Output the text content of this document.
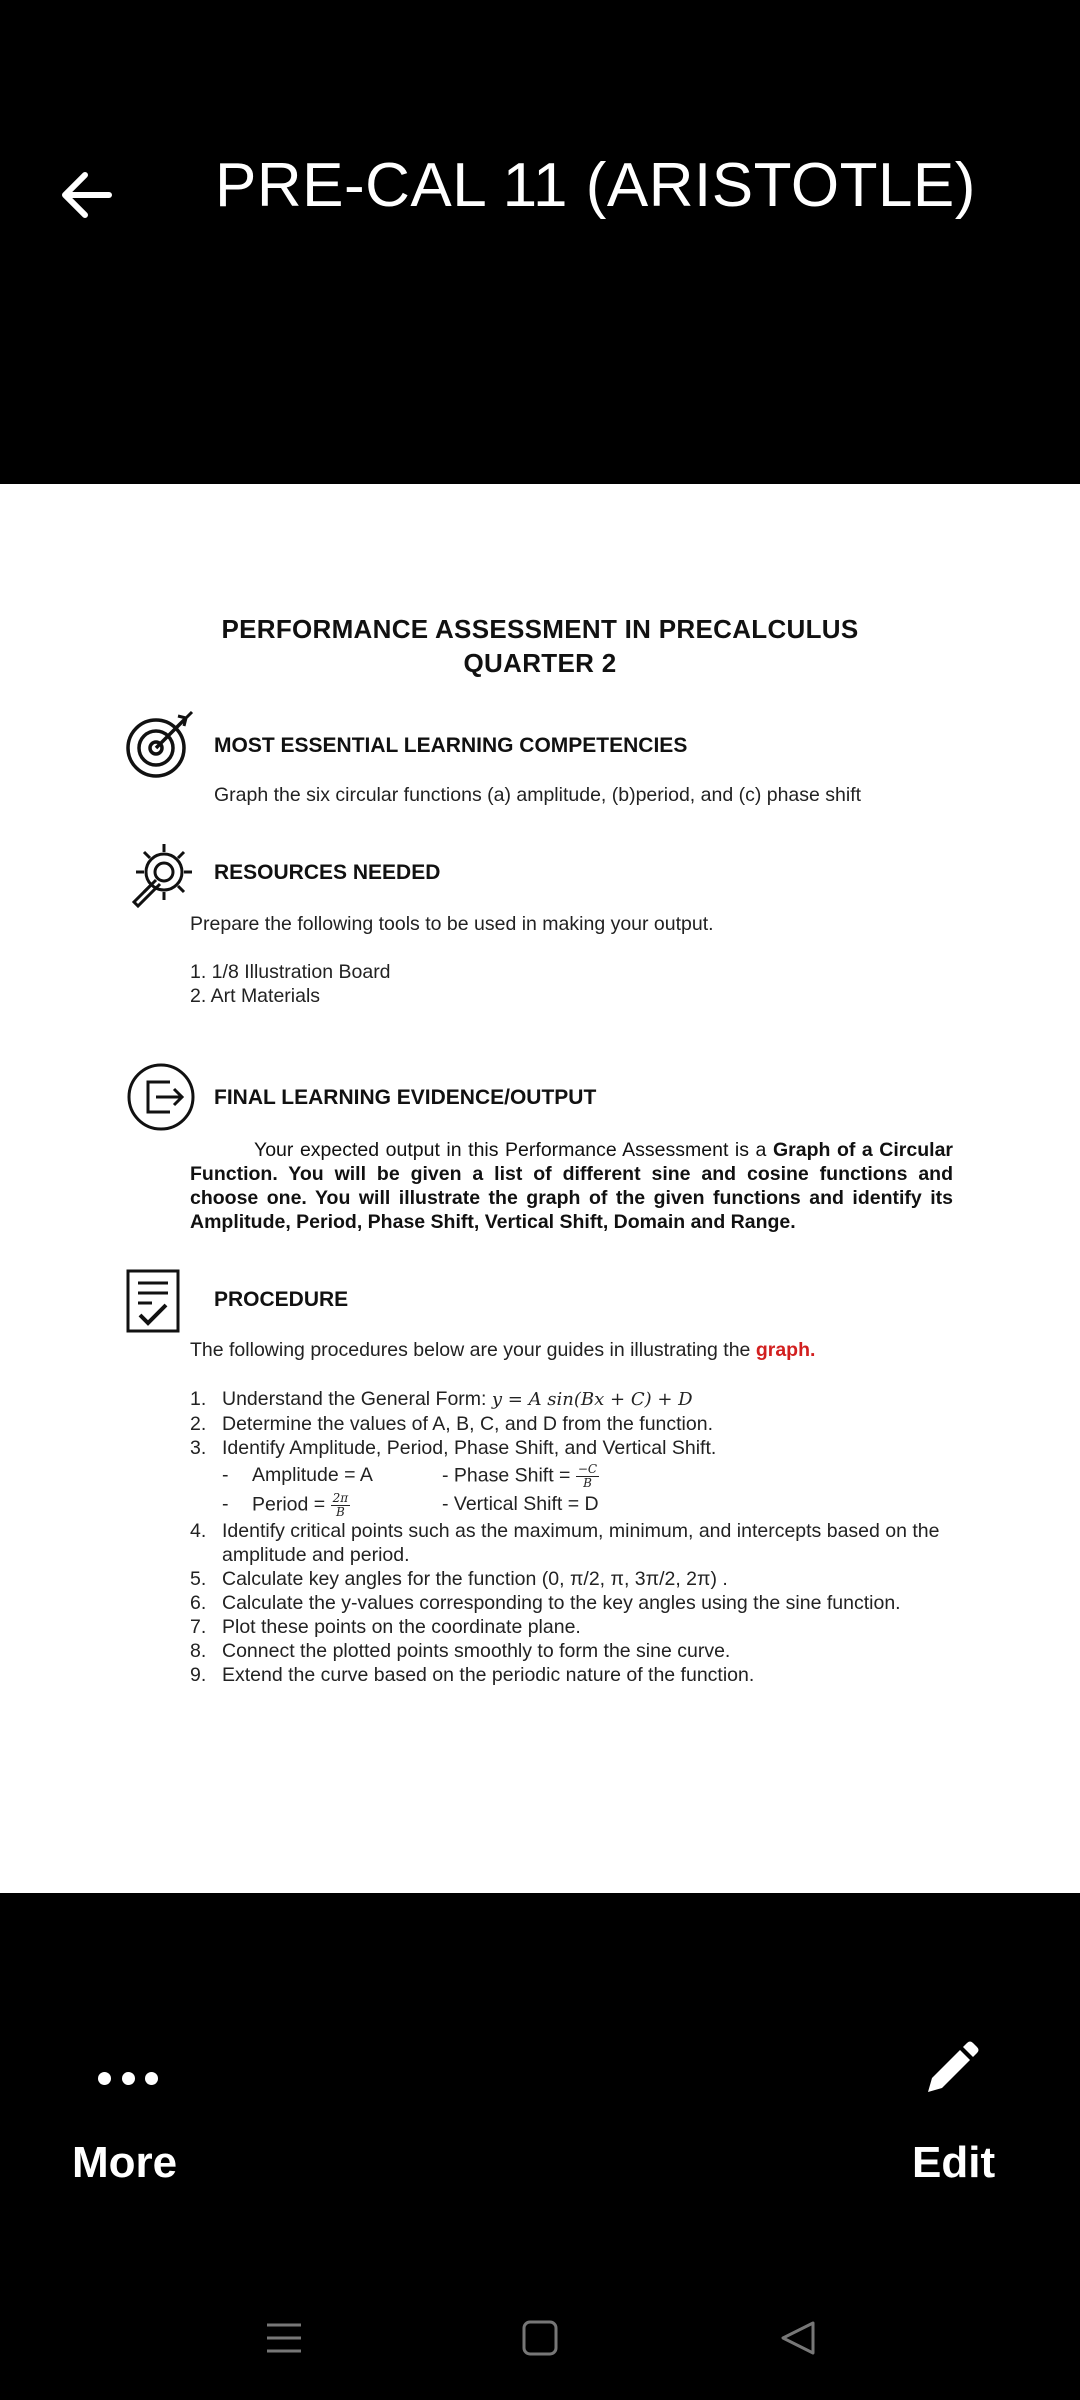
PRE-CAL 11 (ARISTOTLE)
PERFORMANCE ASSESSMENT IN PRECALCULUS
QUARTER 2
MOST ESSENTIAL LEARNING COMPETENCIES
Graph the six circular functions (a) amplitude, (b)period, and (c) phase shift
RESOURCES NEEDED
Prepare the following tools to be used in making your output.
1. 1/8 Illustration Board
2. Art Materials
FINAL LEARNING EVIDENCE/OUTPUT
Your expected output in this Performance Assessment is a Graph of a Circular Function. You will be given a list of different sine and cosine functions and choose one. You will illustrate the graph of the given functions and identify its Amplitude, Period, Phase Shift, Vertical Shift, Domain and Range.
PROCEDURE
The following procedures below are your guides in illustrating the graph.
1. Understand the General Form: y = A sin(Bx + C) + D
2. Determine the values of A, B, C, and D from the function.
3. Identify Amplitude, Period, Phase Shift, and Vertical Shift.
-	Amplitude = A	- Phase Shift = $\frac{-C}{B}$
-	Period = $\frac{2\pi}{B}$	- Vertical Shift = D
4. Identify critical points such as the maximum, minimum, and intercepts based on the amplitude and period.
5. Calculate key angles for the function (0, π/2, π, 3π/2, 2π) .
6. Calculate the y-values corresponding to the key angles using the sine function.
7. Plot these points on the coordinate plane.
8. Connect the plotted points smoothly to form the sine curve.
9. Extend the curve based on the periodic nature of the function.
More	Edit
